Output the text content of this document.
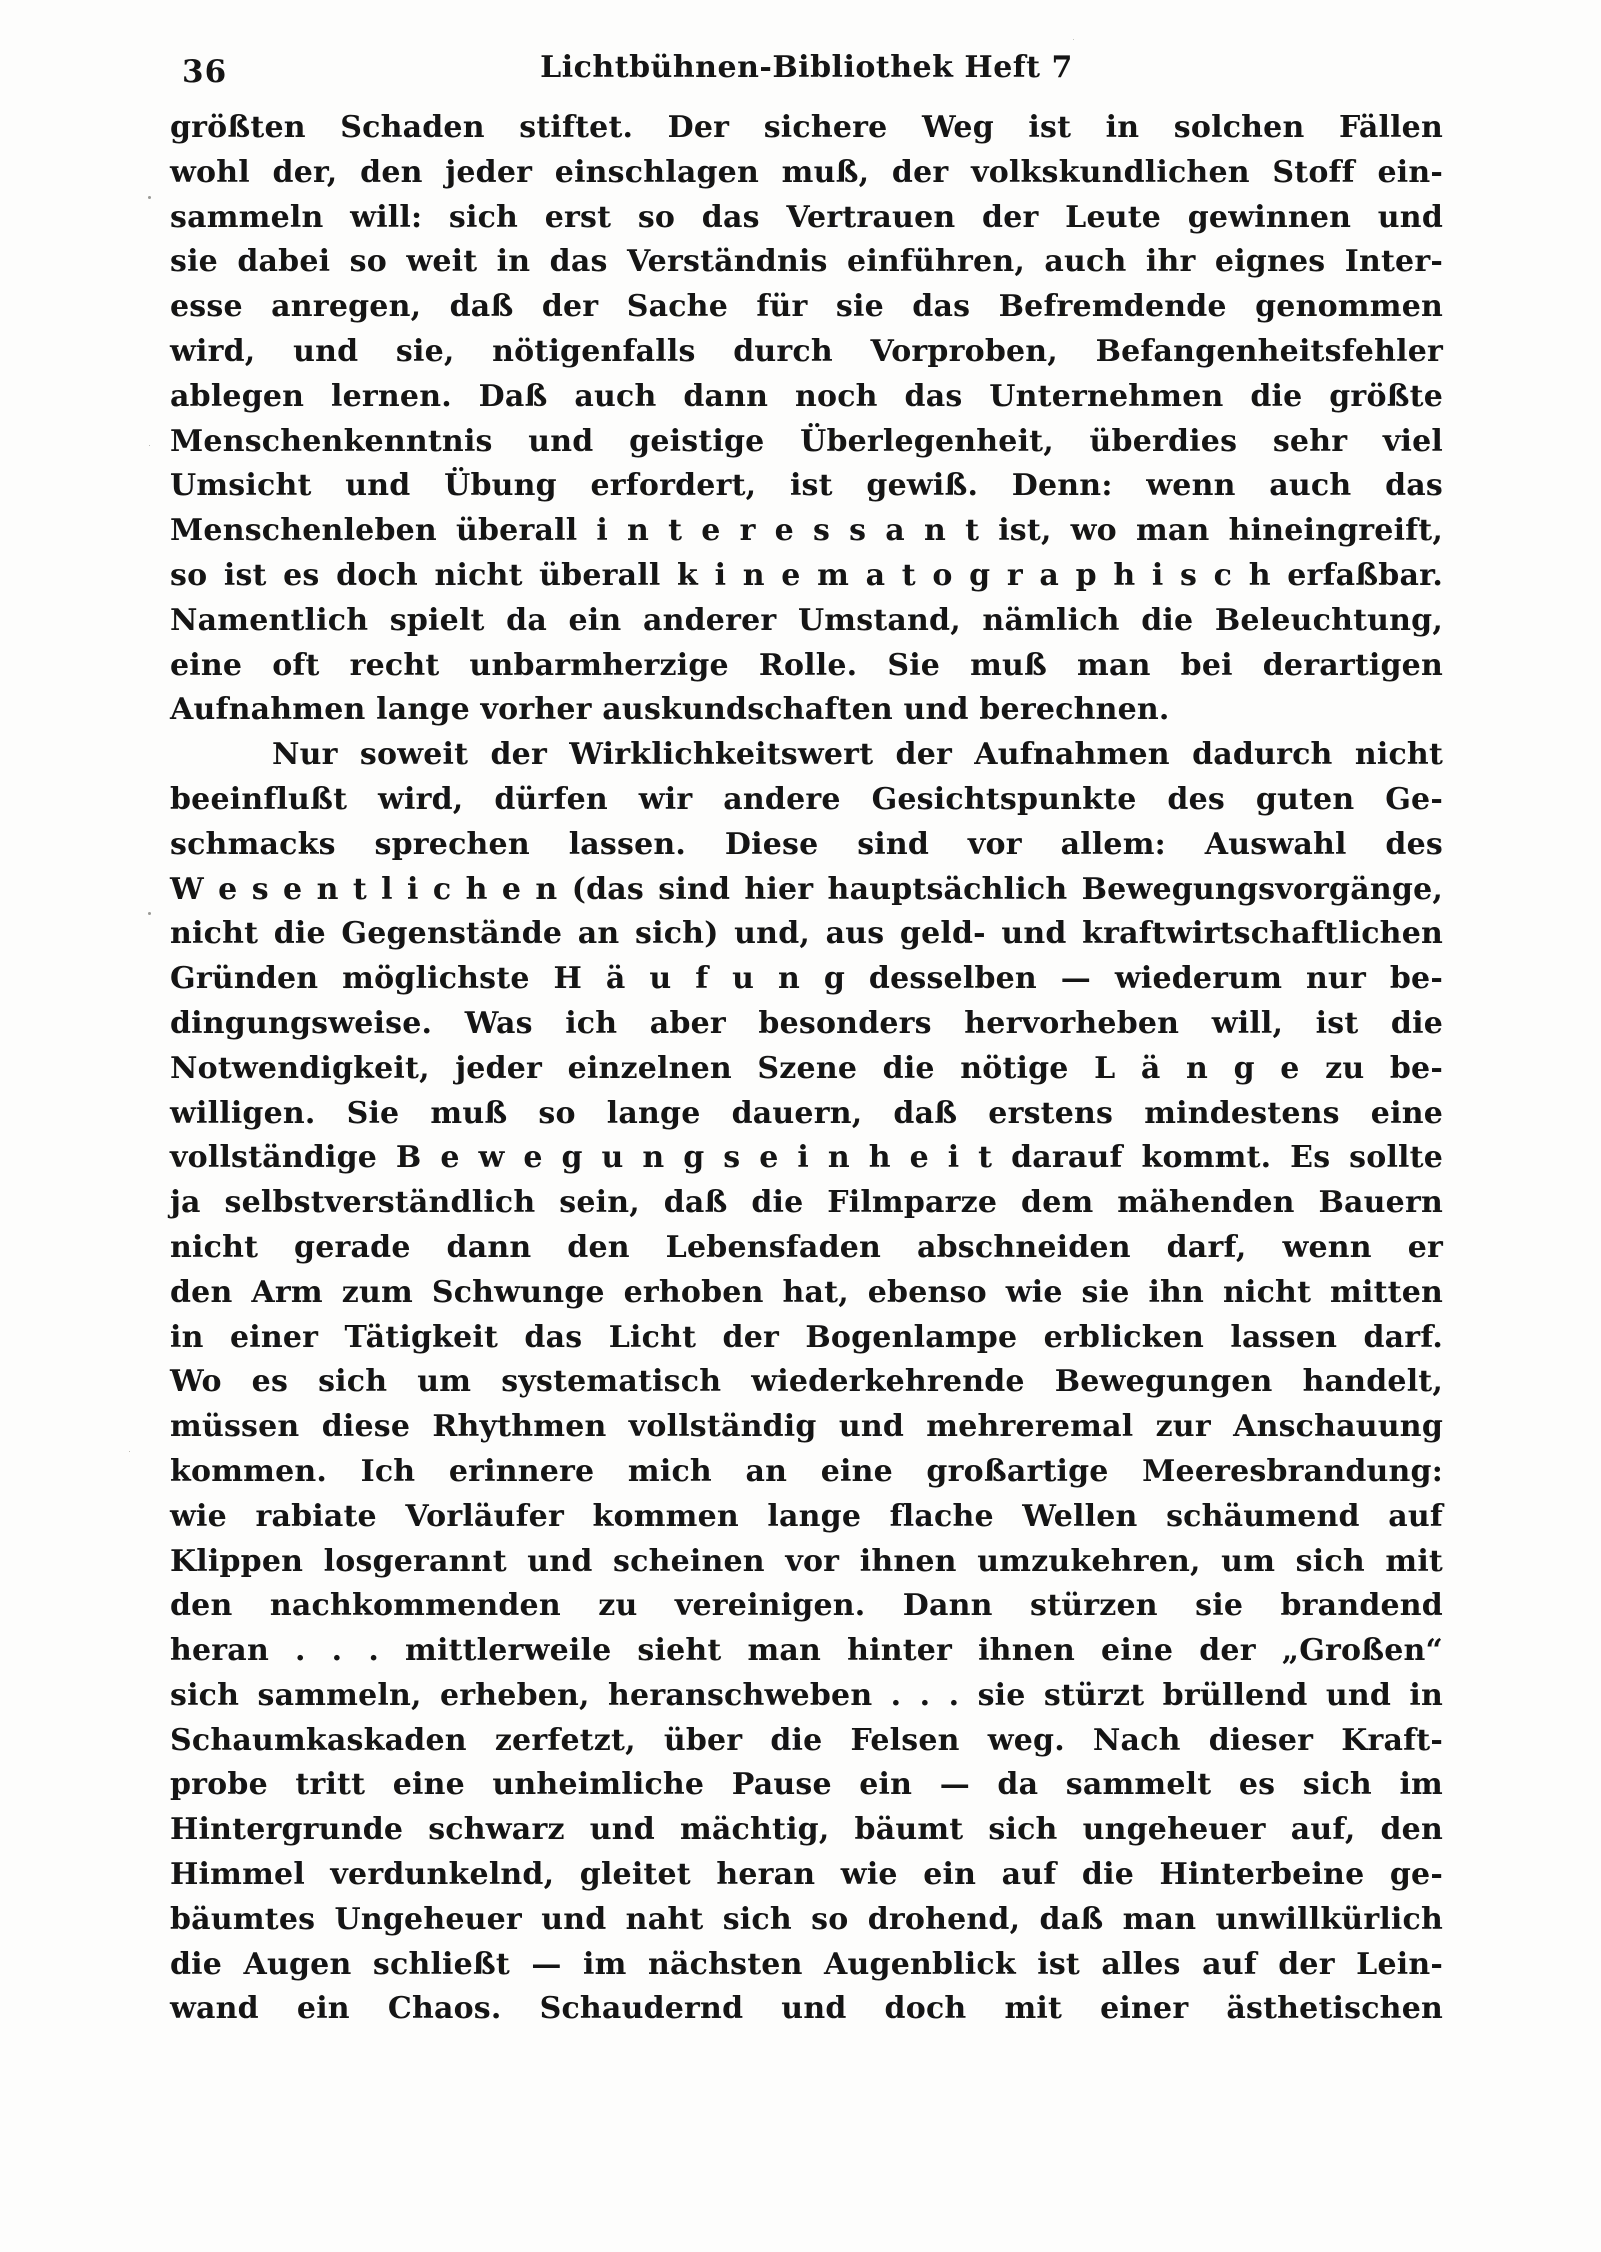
36	Lichtbühnen-Bibliothek Heft 7
größten Schaden stiftet. Der sichere Weg ist in solchen Fällen
wohl der, den jeder einschlagen muß, der volkskundlichen Stoff ein-
sammeln will: sich erst so das Vertrauen der Leute gewinnen und
sie dabei so weit in das Verständnis einführen, auch ihr eignes Inter-
esse anregen, daß der Sache für sie das Befremdende genommen
wird, und sie, nötigenfalls durch Vorproben, Befangenheitsfehler
ablegen lernen. Daß auch dann noch das Unternehmen die größte
Menschenkenntnis und geistige Überlegenheit, überdies sehr viel
Umsicht und Übung erfordert, ist gewiß. Denn: wenn auch das
Menschenleben überall i n t e r e s s a n t ist, wo man hineingreift,
so ist es doch nicht überall k i n e m a t o g r a p h i s c h erfaßbar.
Namentlich spielt da ein anderer Umstand, nämlich die Beleuchtung,
eine oft recht unbarmherzige Rolle. Sie muß man bei derartigen
Aufnahmen lange vorher auskundschaften und berechnen.
Nur soweit der Wirklichkeitswert der Aufnahmen dadurch nicht
beeinflußt wird, dürfen wir andere Gesichtspunkte des guten Ge-
schmacks sprechen lassen. Diese sind vor allem: Auswahl des
W e s e n t l i c h e n (das sind hier hauptsächlich Bewegungsvorgänge,
nicht die Gegenstände an sich) und, aus geld- und kraftwirtschaftlichen
Gründen möglichste H ä u f u n g desselben — wiederum nur be-
dingungsweise. Was ich aber besonders hervorheben will, ist die
Notwendigkeit, jeder einzelnen Szene die nötige L ä n g e zu be-
willigen. Sie muß so lange dauern, daß erstens mindestens eine
vollständige B e w e g u n g s e i n h e i t darauf kommt. Es sollte
ja selbstverständlich sein, daß die Filmparze dem mähenden Bauern
nicht gerade dann den Lebensfaden abschneiden darf, wenn er
den Arm zum Schwunge erhoben hat, ebenso wie sie ihn nicht mitten
in einer Tätigkeit das Licht der Bogenlampe erblicken lassen darf.
Wo es sich um systematisch wiederkehrende Bewegungen handelt,
müssen diese Rhythmen vollständig und mehreremal zur Anschauung
kommen. Ich erinnere mich an eine großartige Meeresbrandung:
wie rabiate Vorläufer kommen lange flache Wellen schäumend auf
Klippen losgerannt und scheinen vor ihnen umzukehren, um sich mit
den nachkommenden zu vereinigen. Dann stürzen sie brandend
heran . . . mittlerweile sieht man hinter ihnen eine der „Großen“
sich sammeln, erheben, heranschweben . . . sie stürzt brüllend und in
Schaumkaskaden zerfetzt, über die Felsen weg. Nach dieser Kraft-
probe tritt eine unheimliche Pause ein — da sammelt es sich im
Hintergrunde schwarz und mächtig, bäumt sich ungeheuer auf, den
Himmel verdunkelnd, gleitet heran wie ein auf die Hinterbeine ge-
bäumtes Ungeheuer und naht sich so drohend, daß man unwillkürlich
die Augen schließt — im nächsten Augenblick ist alles auf der Lein-
wand ein Chaos. Schaudernd und doch mit einer ästhetischen
